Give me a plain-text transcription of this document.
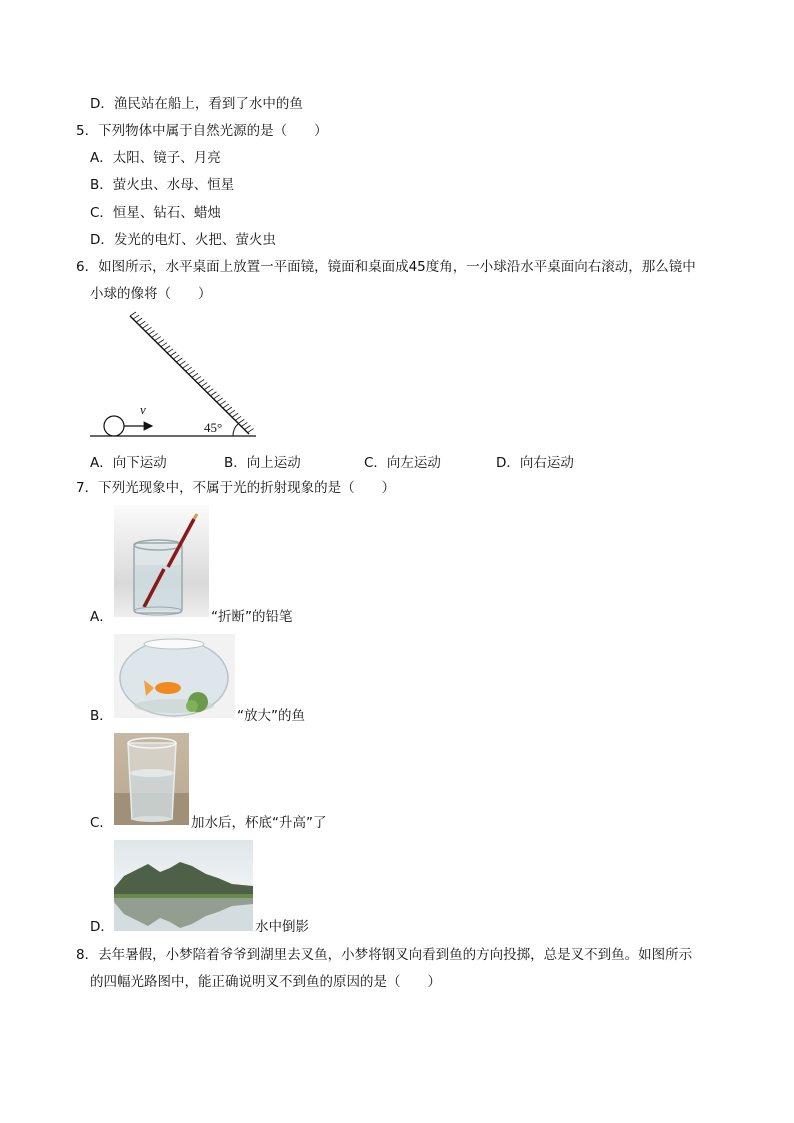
D．渔民站在船上，看到了水中的鱼
5．下列物体中属于自然光源的是（　　）
A．太阳、镜子、月亮
B．萤火虫、水母、恒星
C．恒星、钻石、蜡烛
D．发光的电灯、火把、萤火虫
6．如图所示，水平桌面上放置一平面镜，镜面和桌面成45度角，一小球沿水平桌面向右滚动，那么镜中
小球的像将（　　）
v
45°
A．向下运动	B．向上运动	C．向左运动	D．向右运动
7．下列光现象中，不属于光的折射现象的是（　　）
A．	“折断”的铅笔
B．	“放大”的鱼
C．	加水后，杯底“升高”了
D．	水中倒影
8．去年暑假，小梦陪着爷爷到湖里去叉鱼，小梦将钢叉向看到鱼的方向投掷，总是叉不到鱼。如图所示
的四幅光路图中，能正确说明叉不到鱼的原因的是（　　）
